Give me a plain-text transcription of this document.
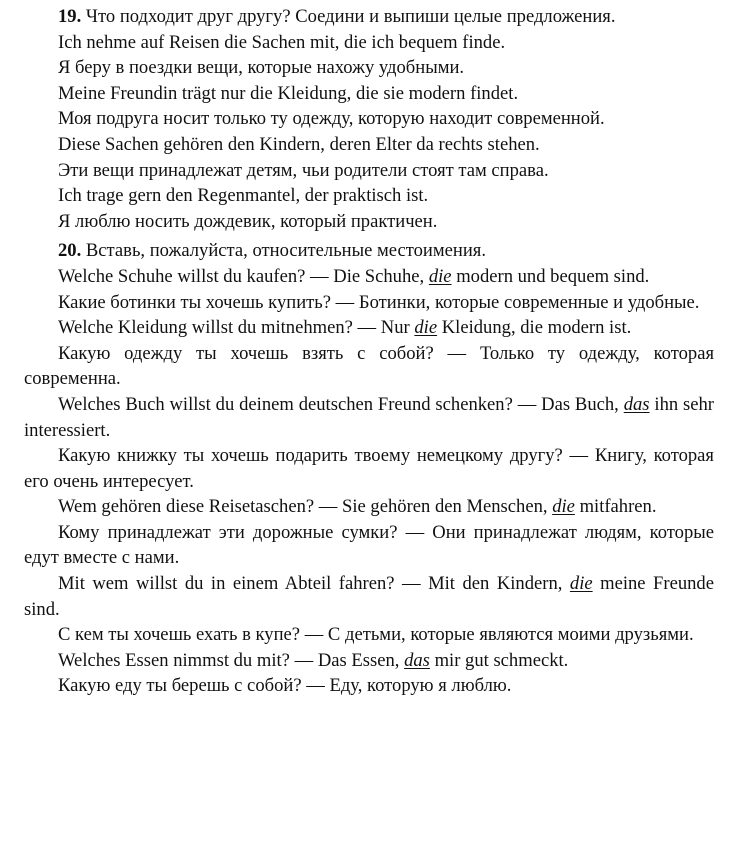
19. Что подходит друг другу? Соедини и выпиши целые предложения.
Ich nehme auf Reisen die Sachen mit, die ich bequem finde.
Я беру в поездки вещи, которые нахожу удобными.
Meine Freundin trägt nur die Kleidung, die sie modern findet.
Моя подруга носит только ту одежду, которую находит современной.
Diese Sachen gehören den Kindern, deren Elter da rechts stehen.
Эти вещи принадлежат детям, чьи родители стоят там справа.
Ich trage gern den Regenmantel, der praktisch ist.
Я люблю носить дождевик, который практичен.
20. Вставь, пожалуйста, относительные местоимения.
Welche Schuhe willst du kaufen? — Die Schuhe, die modern und bequem sind.
Какие ботинки ты хочешь купить? — Ботинки, которые современные и удобные.
Welche Kleidung willst du mitnehmen? — Nur die Kleidung, die modern ist.
Какую одежду ты хочешь взять с собой? — Только ту одежду, которая современна.
Welches Buch willst du deinem deutschen Freund schenken? — Das Buch, das ihn sehr interessiert.
Какую книжку ты хочешь подарить твоему немецкому другу? — Книгу, которая его очень интересует.
Wem gehören diese Reisetaschen? — Sie gehören den Menschen, die mitfahren.
Кому принадлежат эти дорожные сумки? — Они принадлежат людям, которые едут вместе с нами.
Mit wem willst du in einem Abteil fahren? — Mit den Kindern, die meine Freunde sind.
С кем ты хочешь ехать в купе? — С детьми, которые являются моими друзьями.
Welches Essen nimmst du mit? — Das Essen, das mir gut schmeckt.
Какую еду ты берешь с собой? — Еду, которую я люблю.
